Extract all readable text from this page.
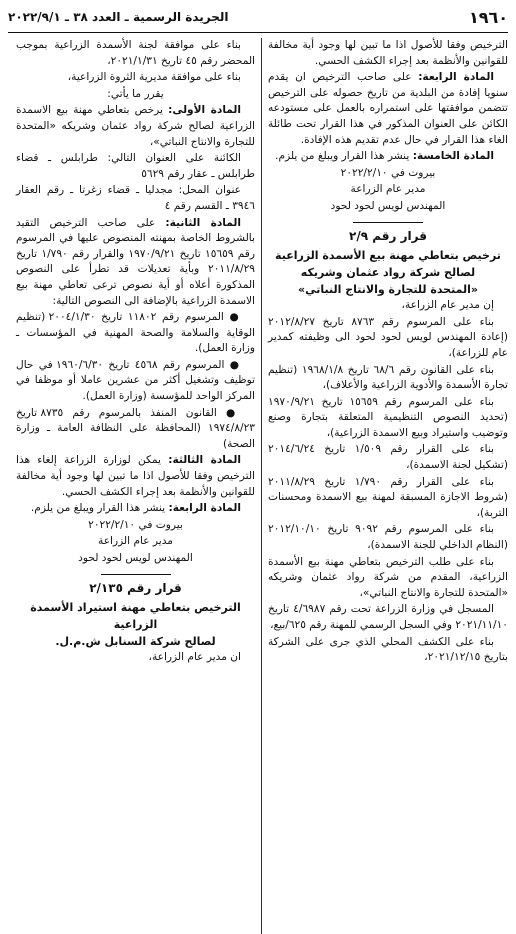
١٩٦٠
الجريدة الرسمية ـ العدد ٣٨ ـ ٢٠٢٢/٩/١

الترخيص وفقا للأصول اذا ما تبين لها وجود أية مخالفة للقوانين والأنظمة بعد إجراء الكشف الحسي.

المادة الرابعة: على صاحب الترخيص ان يقدم سنويا إفادة من البلدية من تاريخ حصوله على الترخيص تتضمن موافقتها على استمراره بالعمل على مستودعه الكائن على العنوان المذكور في هذا القرار تحت طائلة الغاء هذا القرار في حال عدم تقديم هذه الإفادة.

المادة الخامسة: ينشر هذا القرار ويبلغ من يلزم.

بيروت في ٢٠٢٢/٢/١٠

مدير عام الزراعة

المهندس لويس لحود لحود

قرار رقم ٢/٩
ترخيص بتعاطي مهنة بيع الأسمدة الزراعية
لصالح شركة رواد عثمان وشريكه
«المتحدة للتجارة والانتاج النباتي»

إن مدير عام الزراعة،

بناء على المرسوم رقم ٨٧٦٣ تاريخ ٢٠١٢/٨/٢٧ (إعادة المهندس لويس لحود لحود الى وظيفته كمدير عام للزراعة)،

بناء على القانون رقم ٦٨/٦ تاريخ ١٩٦٨/١/٨ (تنظيم تجارة الأسمدة والأدوية الزراعية والأعلاف)،

بناء على المرسوم رقم ١٥٦٥٩ تاريخ ١٩٧٠/٩/٢١ (تحديد النصوص التنظيمية المتعلقة بتجارة وصنع وتوضيب واستيراد وبيع الاسمدة الزراعية)،

بناء على القرار رقم ١/٥٠٩ تاريخ ٢٠١٤/٦/٢٤ (تشكيل لجنة الاسمدة)،

بناء على القرار رقم ١/٧٩٠ تاريخ ٢٠١١/٨/٢٩ (شروط الاجازة المسبقة لمهنة بيع الاسمدة ومحسنات التربة)،

بناء على المرسوم رقم ٩٠٩٢ تاريخ ٢٠١٢/١٠/١٠ (النظام الداخلي للجنة الاسمدة)،

بناء على طلب الترخيص بتعاطي مهنة بيع الأسمدة الزراعية، المقدم من شركة رواد عثمان وشريكه «المتحدة للتجارة والانتاج النباتي»،

المسجل في وزارة الزراعة تحت رقم ٤/٦٩٨٧ تاريخ ٢٠٢١/١١/١٠ وفي السجل الرسمي للمهنة رقم ٦٢٥/بيع،

بناء على الكشف المحلي الذي جرى على الشركة بتاريخ ٢٠٢١/١٢/١٥،

بناء على موافقة لجنة الأسمدة الزراعية بموجب المحضر رقم ٤٥ تاريخ ٢٠٢١/١/٣١،

بناء على موافقة مديرية الثروة الزراعية،

يقرر ما يأتي:

المادة الأولى: يرخص بتعاطي مهنة بيع الاسمدة الزراعية لصالح شركة رواد عثمان وشريكه «المتحدة للتجارة والانتاج النباتي»،

الكائنة على العنوان التالي: طرابلس ـ قضاء طرابلس ـ عقار رقم ٥٦٢٩

عنوان المحل: مجدليا ـ قضاء زغرتا ـ رقم العقار ٣٩٤٦ ـ القسم رقم ٤

المادة الثانية: على صاحب الترخيص التقيد بالشروط الخاصة بمهنته المنصوص عليها في المرسوم رقم ١٥٦٥٩ تاريخ ١٩٧٠/٩/٢١ والقرار رقم ١/٧٩٠ تاريخ ٢٠١١/٨/٢٩ وبأية تعديلات قد تطرأ على النصوص المذكورة أعلاه أو أية نصوص ترعى تعاطي مهنة بيع الاسمدة الزراعية بالإضافة الى النصوص التالية:

● المرسوم رقم ١١٨٠٢ تاريخ ٢٠٠٤/١/٣٠ (تنظيم الوقاية والسلامة والصحة المهنية في المؤسسات ـ وزارة العمل).

● المرسوم رقم ٤٥٦٨ تاريخ ١٩٦٠/٦/٣٠ في حال توظيف وتشغيل أكثر من عشرين عاملا أو موظفا في المركز الواحد للمؤسسة (وزارة العمل).

● القانون المنفذ بالمرسوم رقم ٨٧٣٥ تاريخ ١٩٧٤/٨/٢٣ (المحافظة على النظافة العامة ـ وزارة الصحة)

المادة الثالثة: يمكن لوزارة الزراعة إلغاء هذا الترخيص وفقا للأصول اذا ما تبين لها وجود أية مخالفة للقوانين والأنظمة بعد إجراء الكشف الحسي.

المادة الرابعة: ينشر هذا القرار ويبلغ من يلزم.

بيروت في ٢٠٢٢/٢/١٠

مدير عام الزراعة

المهندس لويس لحود لحود

قرار رقم ٢/١٣٥
الترخيص بتعاطي مهنة استيراد الأسمدة الزراعية
لصالح شركة السنابل ش.م.ل.

ان مدير عام الزراعة،
